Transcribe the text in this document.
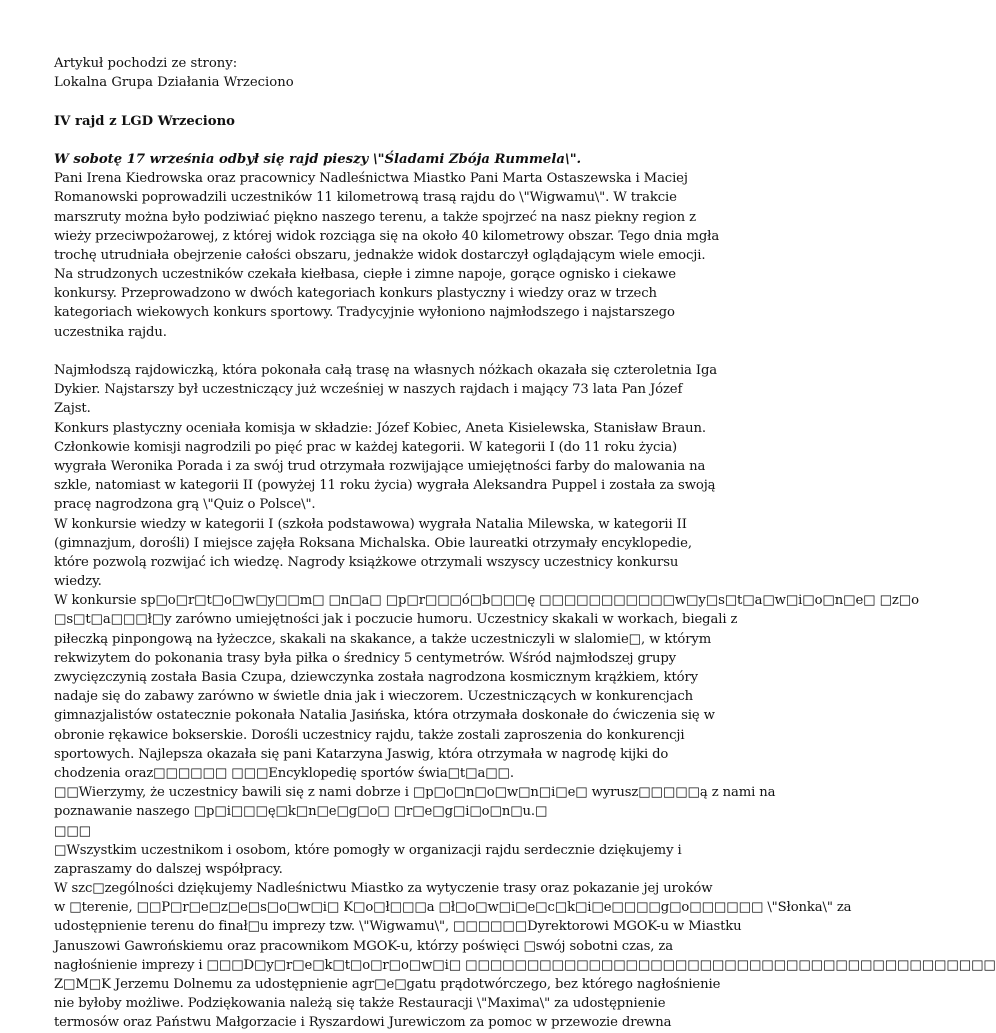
Artykuł pochodzi ze strony:
Lokalna Grupa Działania Wrzeciono
IV rajd z LGD Wrzeciono
W sobotę 17 września odbył się rajd pieszy \"Śladami Zbója Rummela\".
Pani Irena Kiedrowska oraz pracownicy Nadleśnictwa Miastko Pani Marta Ostaszewska i Maciej
Romanowski poprowadzili uczestników 11 kilometrową trasą rajdu do \"Wigwamu\". W trakcie
marszruty można było podziwiać piękno naszego terenu, a także spojrzeć na nasz piekny region z
wieży przeciwpożarowej, z której widok rozciąga się na około 40 kilometrowy obszar. Tego dnia mgła
trochę utrudniała obejrzenie całości obszaru, jednakże widok dostarczył oglądającym wiele emocji.
Na strudzonych uczestników czekała kiełbasa, ciepłe i zimne napoje, gorące ognisko i ciekawe
konkursy. Przeprowadzono w dwóch kategoriach konkurs plastyczny i wiedzy oraz w trzech
kategoriach wiekowych konkurs sportowy. Tradycyjnie wyłoniono najmłodszego i najstarszego
uczestnika rajdu.
Najmłodszą rajdowiczką, która pokonała całą trasę na własnych nóżkach okazała się czteroletnia Iga
Dykier. Najstarszy był uczestniczący już wcześniej w naszych rajdach i mający 73 lata Pan Józef
Zajst.
Konkurs plastyczny oceniała komisja w składzie: Józef Kobiec, Aneta Kisielewska, Stanisław Braun.
Członkowie komisji nagrodzili po pięć prac w każdej kategorii. W kategorii I (do 11 roku życia)
wygrała Weronika Porada i za swój trud otrzymała rozwijające umiejętności farby do malowania na
szkle, natomiast w kategorii II (powyżej 11 roku życia) wygrała Aleksandra Puppel i została za swoją
pracę nagrodzona grą \"Quiz o Polsce\".
W konkursie wiedzy w kategorii I (szkoła podstawowa) wygrała Natalia Milewska, w kategorii II
(gimnazjum, dorośli) I miejsce zajęła Roksana Michalska. Obie laureatki otrzymały encyklopedie,
które pozwolą rozwijać ich wiedzę. Nagrody książkowe otrzymali wszyscy uczestnicy konkursu
wiedzy.
W konkursie sp□o□r□t□o□w□y□□m□ □n□a□ □p□r□□□ó□b□□□ę □□□□□□□□□□□w□y□s□t□a□w□i□o□n□e□ □z□o
□s□t□a□□□ł□y zarówno umiejętności jak i poczucie humoru. Uczestnicy skakali w workach, biegali z
piłeczką pinpongową na łyżeczce, skakali na skakance, a także uczestniczyli w slalomie□, w którym
rekwizytem do pokonania trasy była piłka o średnicy 5 centymetrów. Wśród najmłodszej grupy
zwycięzczynią została Basia Czupa, dziewczynka została nagrodzona kosmicznym krążkiem, który
nadaje się do zabawy zarówno w świetle dnia jak i wieczorem. Uczestniczących w konkurencjach
gimnazjalistów ostatecznie pokonała Natalia Jasińska, która otrzymała doskonałe do ćwiczenia się w
obronie rękawice bokserskie. Dorośli uczestnicy rajdu, także zostali zaproszenia do konkurencji
sportowych. Najlepsza okazała się pani Katarzyna Jaswig, która otrzymała w nagrodę kijki do
chodzenia oraz□□□□□□ □□□Encyklopedię sportów świa□t□a□□.
□□Wierzymy, że uczestnicy bawili się z nami dobrze i □p□o□n□o□w□n□i□e□ wyrusz□□□□□ą z nami na
poznawanie naszego □p□i□□□ę□k□n□e□g□o□ □r□e□g□i□o□n□u.□
□□□
□Wszystkim uczestnikom i osobom, które pomogły w organizacji rajdu serdecznie dziękujemy i
zapraszamy do dalszej współpracy.
W szc□zególności dziękujemy Nadleśnictwu Miastko za wytyczenie trasy oraz pokazanie jej uroków
w □terenie, □□P□r□e□z□e□s□o□w□i□ K□o□ł□□□a □ł□o□w□i□e□c□k□i□e□□□□g□o□□□□□□ \"Słonka\" za
udostępnienie terenu do finał□u imprezy tzw. \"Wigwamu\", □□□□□□Dyrektorowi MGOK-u w Miastku
Januszowi Gawrońskiemu oraz pracownikom MGOK-u, którzy poświęci □swój sobotni czas, za
nagłośnienie imprezy i □□□D□y□r□e□k□t□o□r□o□w□i□ □□□□□□□□□□□□□□□□□□□□□□□□□□□□□□□□□□□□□□□□□□□
Z□M□K Jerzemu Dolnemu za udostępnienie agr□e□gatu prądotwórczego, bez którego nagłośnienie
nie byłoby możliwe. Podziękowania należą się także Restauracji \"Maxima\" za udostępnienie
termosów oraz Państwu Małgorzacie i Ryszardowi Jurewiczom za pomoc w przewozie drewna
